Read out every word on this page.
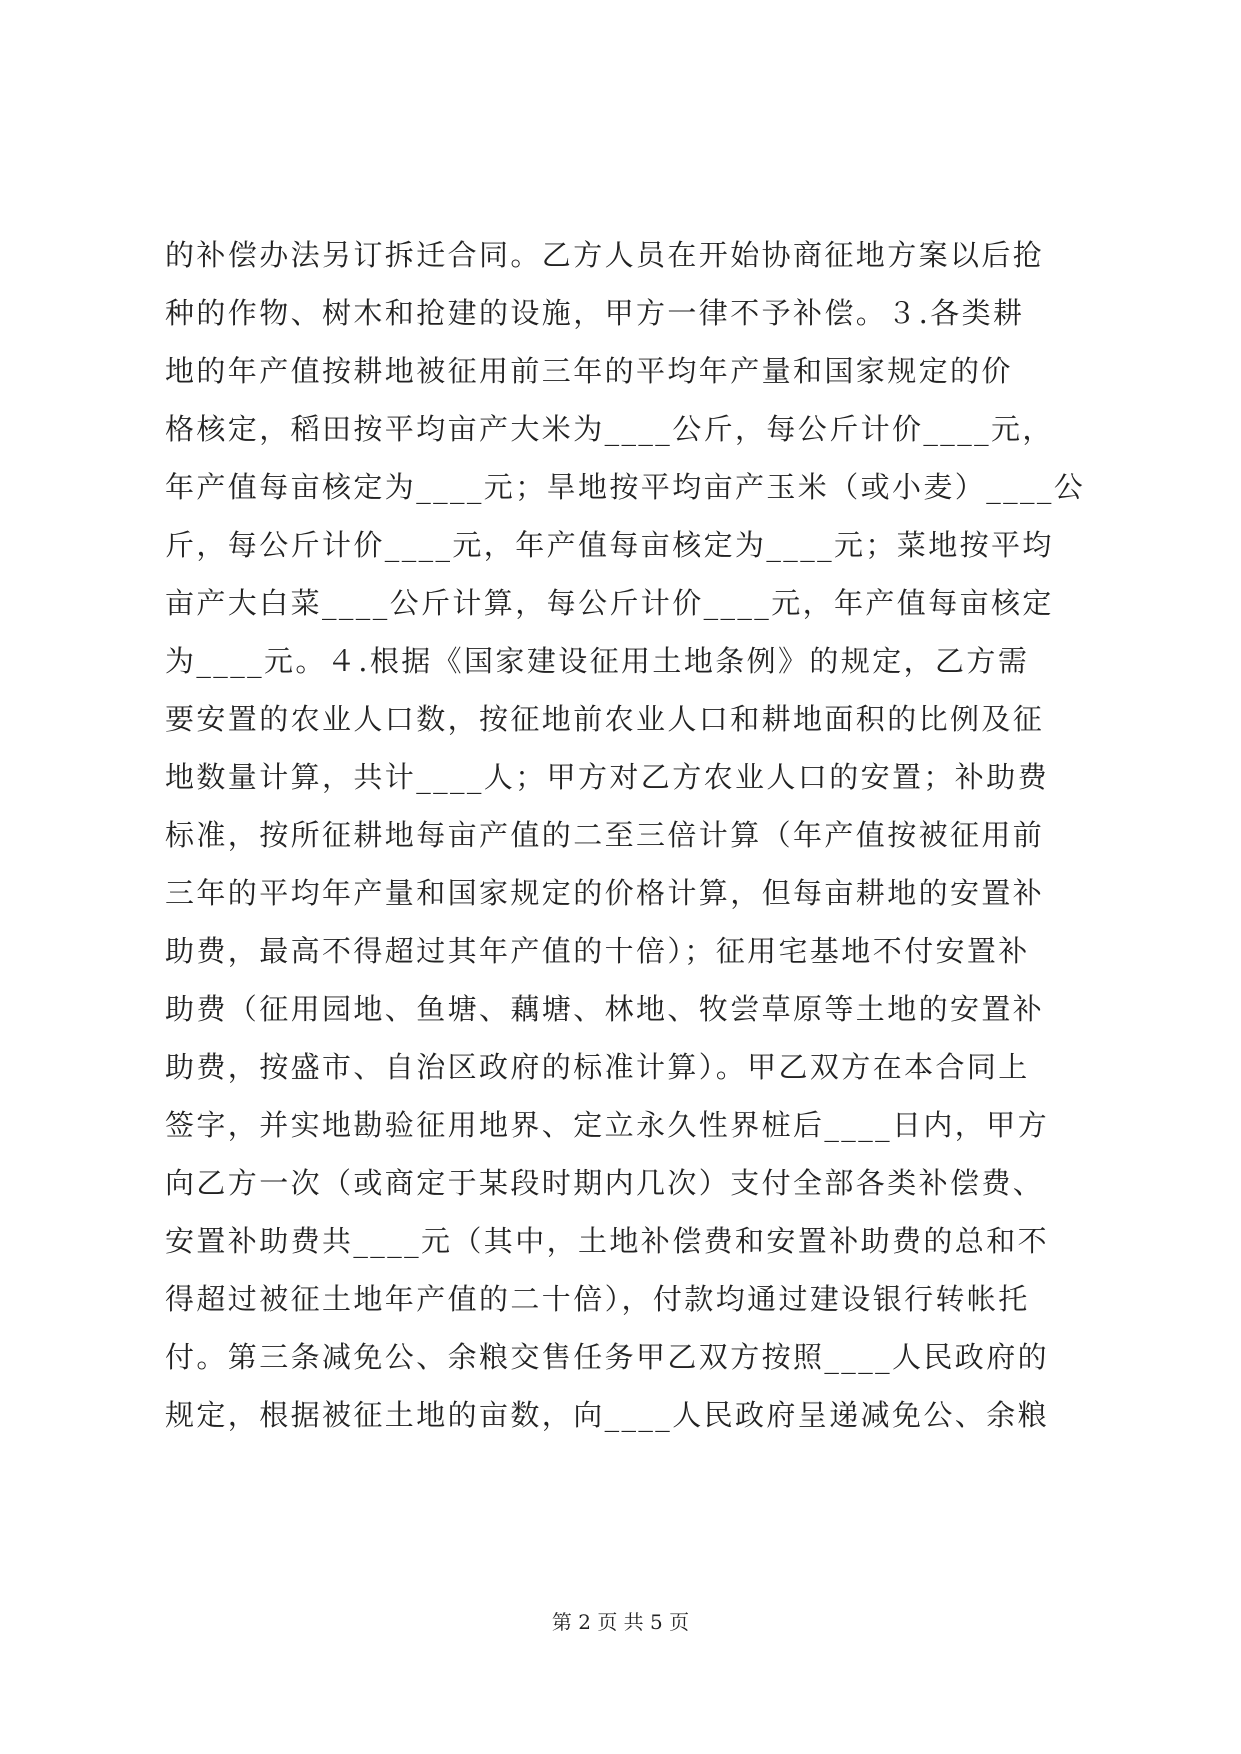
的补偿办法另订拆迁合同。乙方人员在开始协商征地方案以后抢
种的作物、树木和抢建的设施，甲方一律不予补偿。３.各类耕
地的年产值按耕地被征用前三年的平均年产量和国家规定的价
格核定，稻田按平均亩产大米为____公斤，每公斤计价____元，
年产值每亩核定为____元；旱地按平均亩产玉米（或小麦）____公
斤，每公斤计价____元，年产值每亩核定为____元；菜地按平均
亩产大白菜____公斤计算，每公斤计价____元，年产值每亩核定
为____元。４.根据《国家建设征用土地条例》的规定，乙方需
要安置的农业人口数，按征地前农业人口和耕地面积的比例及征
地数量计算，共计____人；甲方对乙方农业人口的安置；补助费
标准，按所征耕地每亩产值的二至三倍计算（年产值按被征用前
三年的平均年产量和国家规定的价格计算，但每亩耕地的安置补
助费，最高不得超过其年产值的十倍）；征用宅基地不付安置补
助费（征用园地、鱼塘、藕塘、林地、牧尝草原等土地的安置补
助费，按盛市、自治区政府的标准计算）。甲乙双方在本合同上
签字，并实地勘验征用地界、定立永久性界桩后____日内，甲方
向乙方一次（或商定于某段时期内几次）支付全部各类补偿费、
安置补助费共____元（其中，土地补偿费和安置补助费的总和不
得超过被征土地年产值的二十倍），付款均通过建设银行转帐托
付。第三条减免公、余粮交售任务甲乙双方按照____人民政府的
规定，根据被征土地的亩数，向____人民政府呈递减免公、余粮
第 2 页 共 5 页
